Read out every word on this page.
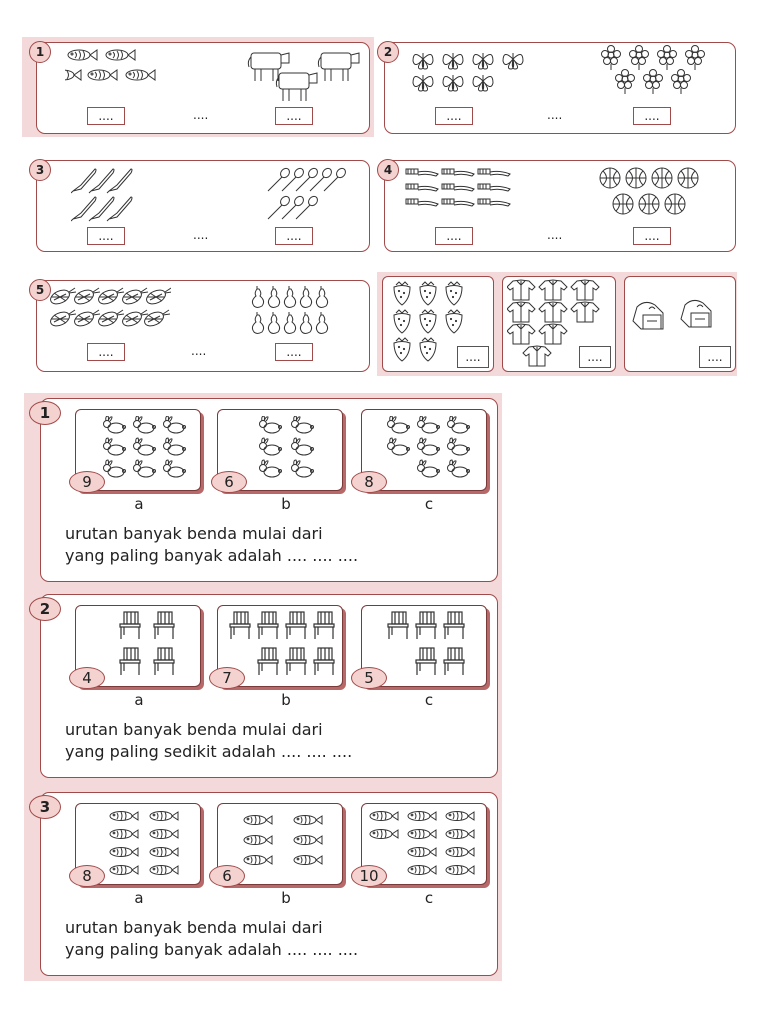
1
....	....	....
2
....	....	....
3
....	....	....
4
....	....	....
5
....	....	....	....	....	....
1
9	6	8
a	b	c
urutan banyak benda mulai dari
yang paling banyak adalah .... .... ....
2
4	7	5
a	b	c
urutan banyak benda mulai dari
yang paling sedikit adalah .... .... ....
3
8	6	10
a	b	c
urutan banyak benda mulai dari
yang paling banyak adalah .... .... ....
